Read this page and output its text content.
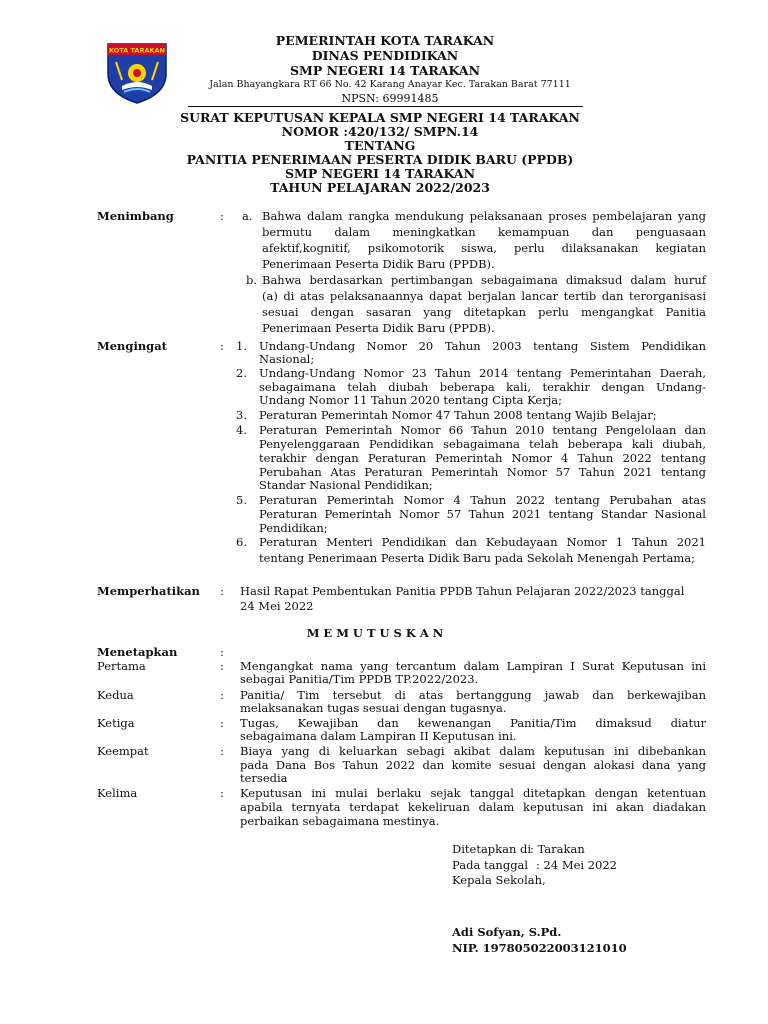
KOTA TARAKAN
PEMERINTAH KOTA TARAKAN
DINAS PENDIDIKAN
SMP NEGERI 14 TARAKAN
Jalan Bhayangkara RT 66 No. 42 Karang Anayar Kec. Tarakan Barat 77111
NPSN: 69991485
SURAT KEPUTUSAN KEPALA SMP NEGERI 14 TARAKAN
NOMOR :420/132/ SMPN.14
TENTANG
PANITIA PENERIMAAN PESERTA DIDIK BARU (PPDB)
SMP NEGERI 14 TARAKAN
TAHUN PELAJARAN 2022/2023
Menimbang	: a. Bahwa dalam rangka mendukung pelaksanaan proses pembelajaran yang
bermutu dalam meningkatkan kemampuan dan penguasaan
afektif,kognitif, psikomotorik siswa, perlu dilaksanakan kegiatan
Penerimaan Peserta Didik Baru (PPDB).
b. Bahwa berdasarkan pertimbangan sebagaimana dimaksud dalam huruf
(a) di atas pelaksanaannya dapat berjalan lancar tertib dan terorganisasi
sesuai dengan sasaran yang ditetapkan perlu mengangkat Panitia
Penerimaan Peserta Didik Baru (PPDB).
Mengingat	: 1.	Undang-Undang Nomor 20 Tahun 2003 tentang Sistem Pendidikan
Nasional;
2.	Undang-Undang Nomor 23 Tahun 2014 tentang Pemerintahan Daerah,
sebagaimana telah diubah beberapa kali, terakhir dengan Undang-
Undang Nomor 11 Tahun 2020 tentang Cipta Kerja;
3.	Peraturan Pemerintah Nomor 47 Tahun 2008 tentang Wajib Belajar;
4.	Peraturan Pemerintah Nomor 66 Tahun 2010 tentang Pengelolaan dan
Penyelenggaraan Pendidikan sebagaimana telah beberapa kali diubah,
terakhir dengan Peraturan Pemerintah Nomor 4 Tahun 2022 tentang
Perubahan Atas Peraturan Pemerintah Nomor 57 Tahun 2021 tentang
Standar Nasional Pendidikan;
5.	Peraturan Pemerintah Nomor 4 Tahun 2022 tentang Perubahan atas
Peraturan Pemerintah Nomor 57 Tahun 2021 tentang Standar Nasional
Pendidikan;
6.	Peraturan Menteri Pendidikan dan Kebudayaan Nomor 1 Tahun 2021
tentang Penerimaan Peserta Didik Baru pada Sekolah Menengah Pertama;
Memperhatikan : Hasil Rapat Pembentukan Panitia PPDB Tahun Pelajaran 2022/2023 tanggal
24 Mei 2022
M E M U T U S K A N
Menetapkan	:
Pertama	: Mengangkat nama yang tercantum dalam Lampiran I Surat Keputusan ini
sebagai Panitia/Tim PPDB TP.2022/2023.
Kedua	: Panitia/ Tim tersebut di atas bertanggung jawab dan berkewajiban
melaksanakan tugas sesuai dengan tugasnya.
Ketiga	: Tugas, Kewajiban dan kewenangan Panitia/Tim dimaksud diatur
sebagaimana dalam Lampiran II Keputusan ini.
Keempat	: Biaya yang di keluarkan sebagi akibat dalam keputusan ini dibebankan
pada Dana Bos Tahun 2022 dan komite sesuai dengan alokasi dana yang
tersedia
Kelima	: Keputusan ini mulai berlaku sejak tanggal ditetapkan dengan ketentuan
apabila ternyata terdapat kekeliruan dalam keputusan ini akan diadakan
perbaikan sebagaimana mestinya.
Ditetapkan di
: Tarakan
Pada tanggal : 24 Mei 2022
Kepala Sekolah,
Adi Sofyan, S.Pd.
NIP. 197805022003121010
